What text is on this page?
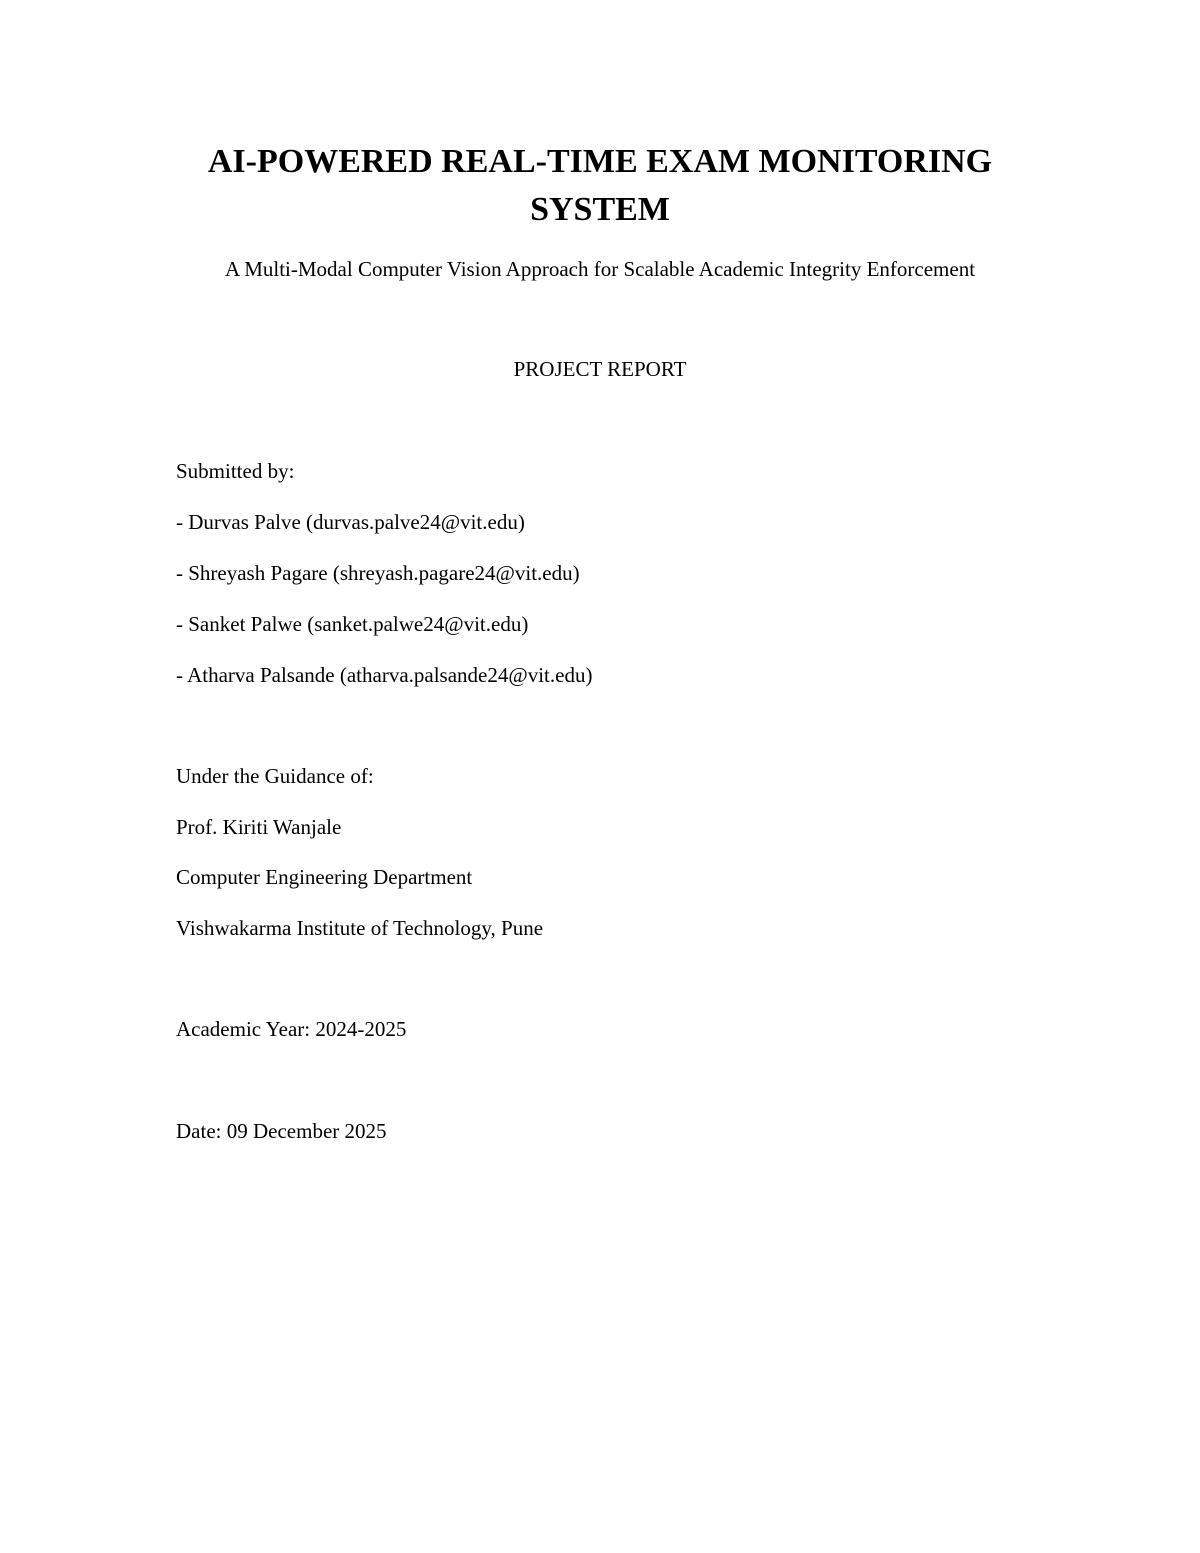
AI-POWERED REAL-TIME EXAM MONITORING
SYSTEM

A Multi-Modal Computer Vision Approach for Scalable Academic Integrity Enforcement

PROJECT REPORT

Submitted by:

- Durvas Palve (durvas.palve24@vit.edu)

- Shreyash Pagare (shreyash.pagare24@vit.edu)

- Sanket Palwe (sanket.palwe24@vit.edu)

- Atharva Palsande (atharva.palsande24@vit.edu)

Under the Guidance of:

Prof. Kiriti Wanjale

Computer Engineering Department

Vishwakarma Institute of Technology, Pune

Academic Year: 2024-2025

Date: 09 December 2025
